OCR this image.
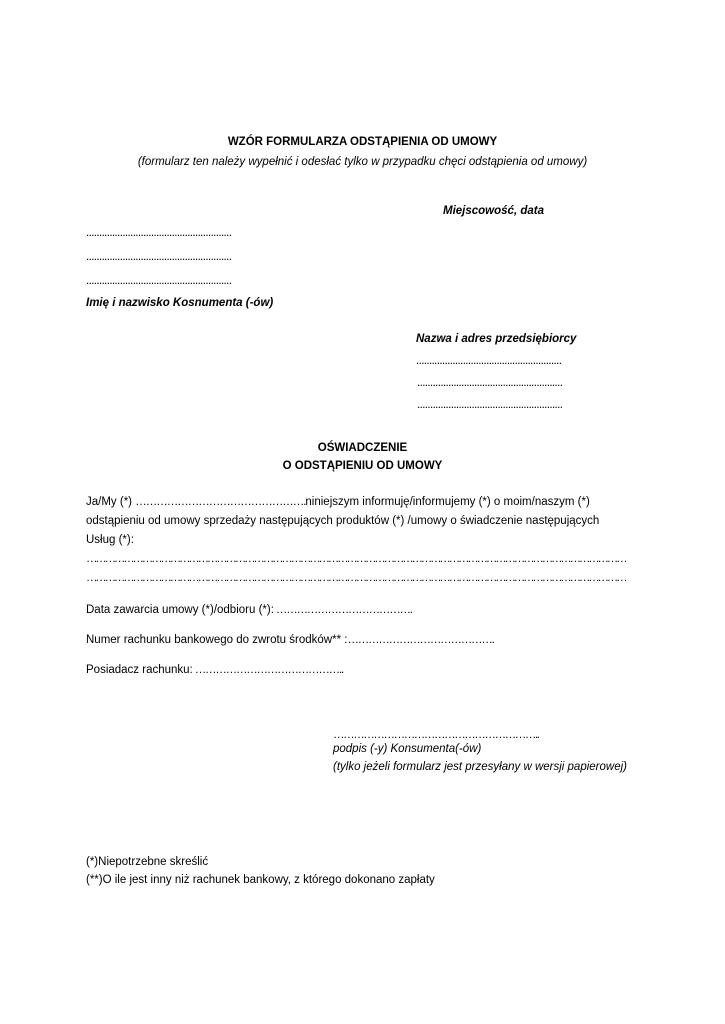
WZÓR FORMULARZA ODSTĄPIENIA OD UMOWY
(formularz ten należy wypełnić i odesłać tylko w przypadku chęci odstąpienia od umowy)
Miejscowość, data
........................................................
........................................................
........................................................
Imię i nazwisko Kosnumenta (-ów)
Nazwa i adres przedsiębiorcy
........................................................
........................................................
........................................................
OŚWIADCZENIE
O ODSTĄPIENIU OD UMOWY
Ja/My (*) ………………………………………….niniejszym informuję/informujemy (*) o moim/naszym (*)
odstąpieniu od umowy sprzedaży następujących produktów (*) /umowy o świadczenie następujących
Usług (*):
…………………………………………………………………………………………………………………………………………………………
…………………………………………………………………………………………………………………………………………………………
Data zawarcia umowy (*)/odbioru (*): ………………………………….
Numer rachunku bankowego do zwrotu środków** :…………………………………….
Posiadacz rachunku: ……………………………………..
……………………………………………………..
podpis (-y) Konsumenta(-ów)
(tylko jeżeli formularz jest przesyłany w wersji papierowej)
(*)Niepotrzebne skreślić
(**)O ile jest inny niż rachunek bankowy, z którego dokonano zapłaty
